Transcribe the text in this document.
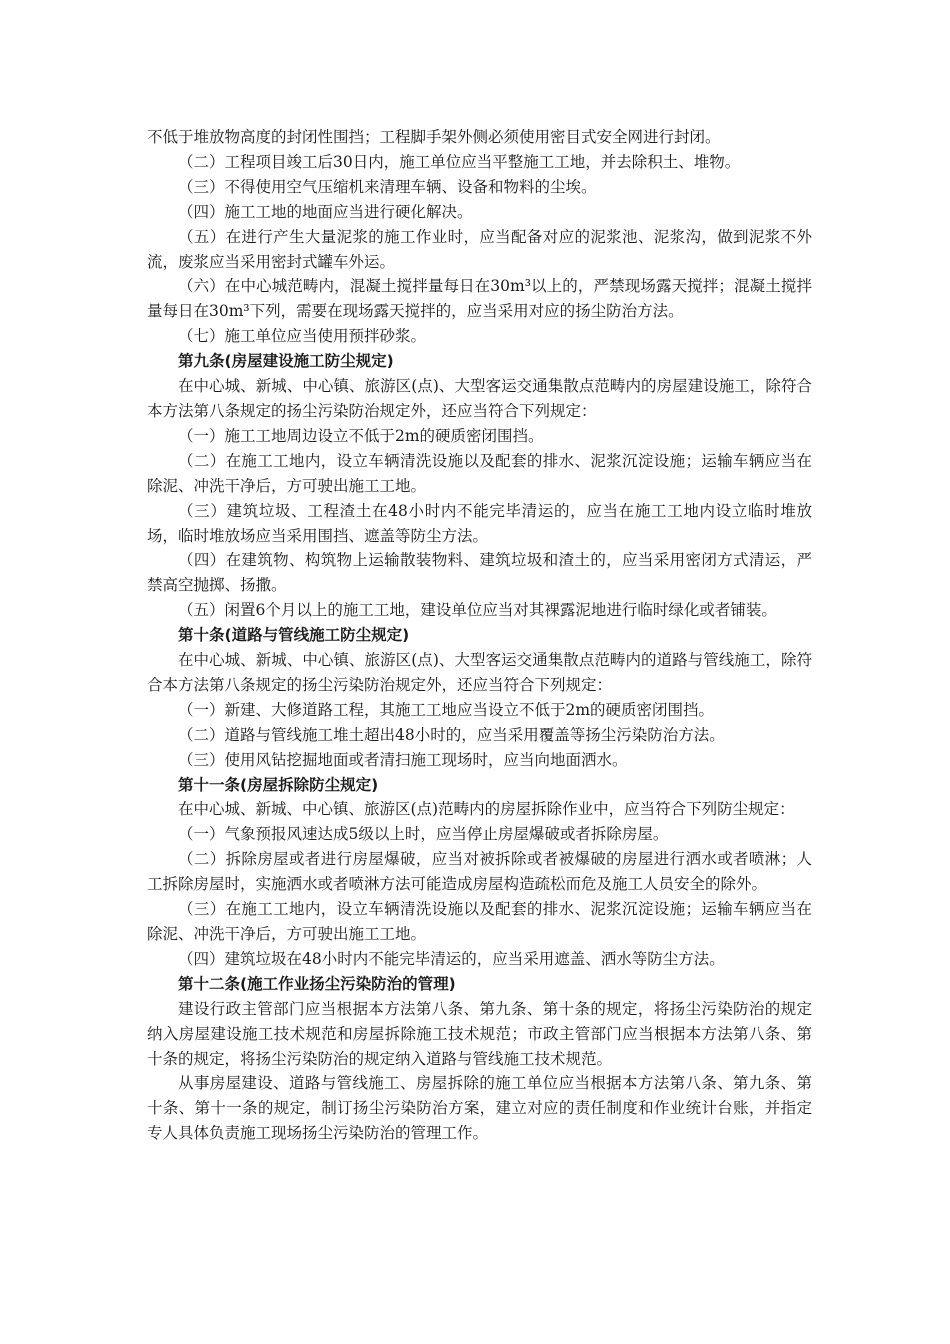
不低于堆放物高度的封闭性围挡；工程脚手架外侧必须使用密目式安全网进行封闭。

（二）工程项目竣工后30日内，施工单位应当平整施工工地，并去除积土、堆物。

（三）不得使用空气压缩机来清理车辆、设备和物料的尘埃。

（四）施工工地的地面应当进行硬化解决。

（五）在进行产生大量泥浆的施工作业时，应当配备对应的泥浆池、泥浆沟，做到泥浆不外流，废浆应当采用密封式罐车外运。

（六）在中心城范畴内，混凝土搅拌量每日在30m³以上的，严禁现场露天搅拌；混凝土搅拌量每日在30m³下列，需要在现场露天搅拌的，应当采用对应的扬尘防治方法。

（七）施工单位应当使用预拌砂浆。

第九条(房屋建设施工防尘规定)

在中心城、新城、中心镇、旅游区(点)、大型客运交通集散点范畴内的房屋建设施工，除符合本方法第八条规定的扬尘污染防治规定外，还应当符合下列规定：

（一）施工工地周边设立不低于2m的硬质密闭围挡。

（二）在施工工地内，设立车辆清洗设施以及配套的排水、泥浆沉淀设施；运输车辆应当在除泥、冲洗干净后，方可驶出施工工地。

（三）建筑垃圾、工程渣土在48小时内不能完毕清运的，应当在施工工地内设立临时堆放场，临时堆放场应当采用围挡、遮盖等防尘方法。

（四）在建筑物、构筑物上运输散装物料、建筑垃圾和渣土的，应当采用密闭方式清运，严禁高空抛掷、扬撒。

（五）闲置6个月以上的施工工地，建设单位应当对其裸露泥地进行临时绿化或者铺装。

第十条(道路与管线施工防尘规定)

在中心城、新城、中心镇、旅游区(点)、大型客运交通集散点范畴内的道路与管线施工，除符合本方法第八条规定的扬尘污染防治规定外，还应当符合下列规定：

（一）新建、大修道路工程，其施工工地应当设立不低于2m的硬质密闭围挡。

（二）道路与管线施工堆土超出48小时的，应当采用覆盖等扬尘污染防治方法。

（三）使用风钻挖掘地面或者清扫施工现场时，应当向地面洒水。

第十一条(房屋拆除防尘规定)

在中心城、新城、中心镇、旅游区(点)范畴内的房屋拆除作业中，应当符合下列防尘规定：

（一）气象预报风速达成5级以上时，应当停止房屋爆破或者拆除房屋。

（二）拆除房屋或者进行房屋爆破，应当对被拆除或者被爆破的房屋进行洒水或者喷淋；人工拆除房屋时，实施洒水或者喷淋方法可能造成房屋构造疏松而危及施工人员安全的除外。

（三）在施工工地内，设立车辆清洗设施以及配套的排水、泥浆沉淀设施；运输车辆应当在除泥、冲洗干净后，方可驶出施工工地。

（四）建筑垃圾在48小时内不能完毕清运的，应当采用遮盖、洒水等防尘方法。

第十二条(施工作业扬尘污染防治的管理)

建设行政主管部门应当根据本方法第八条、第九条、第十条的规定，将扬尘污染防治的规定纳入房屋建设施工技术规范和房屋拆除施工技术规范；市政主管部门应当根据本方法第八条、第十条的规定，将扬尘污染防治的规定纳入道路与管线施工技术规范。

从事房屋建设、道路与管线施工、房屋拆除的施工单位应当根据本方法第八条、第九条、第十条、第十一条的规定，制订扬尘污染防治方案，建立对应的责任制度和作业统计台账，并指定专人具体负责施工现场扬尘污染防治的管理工作。
